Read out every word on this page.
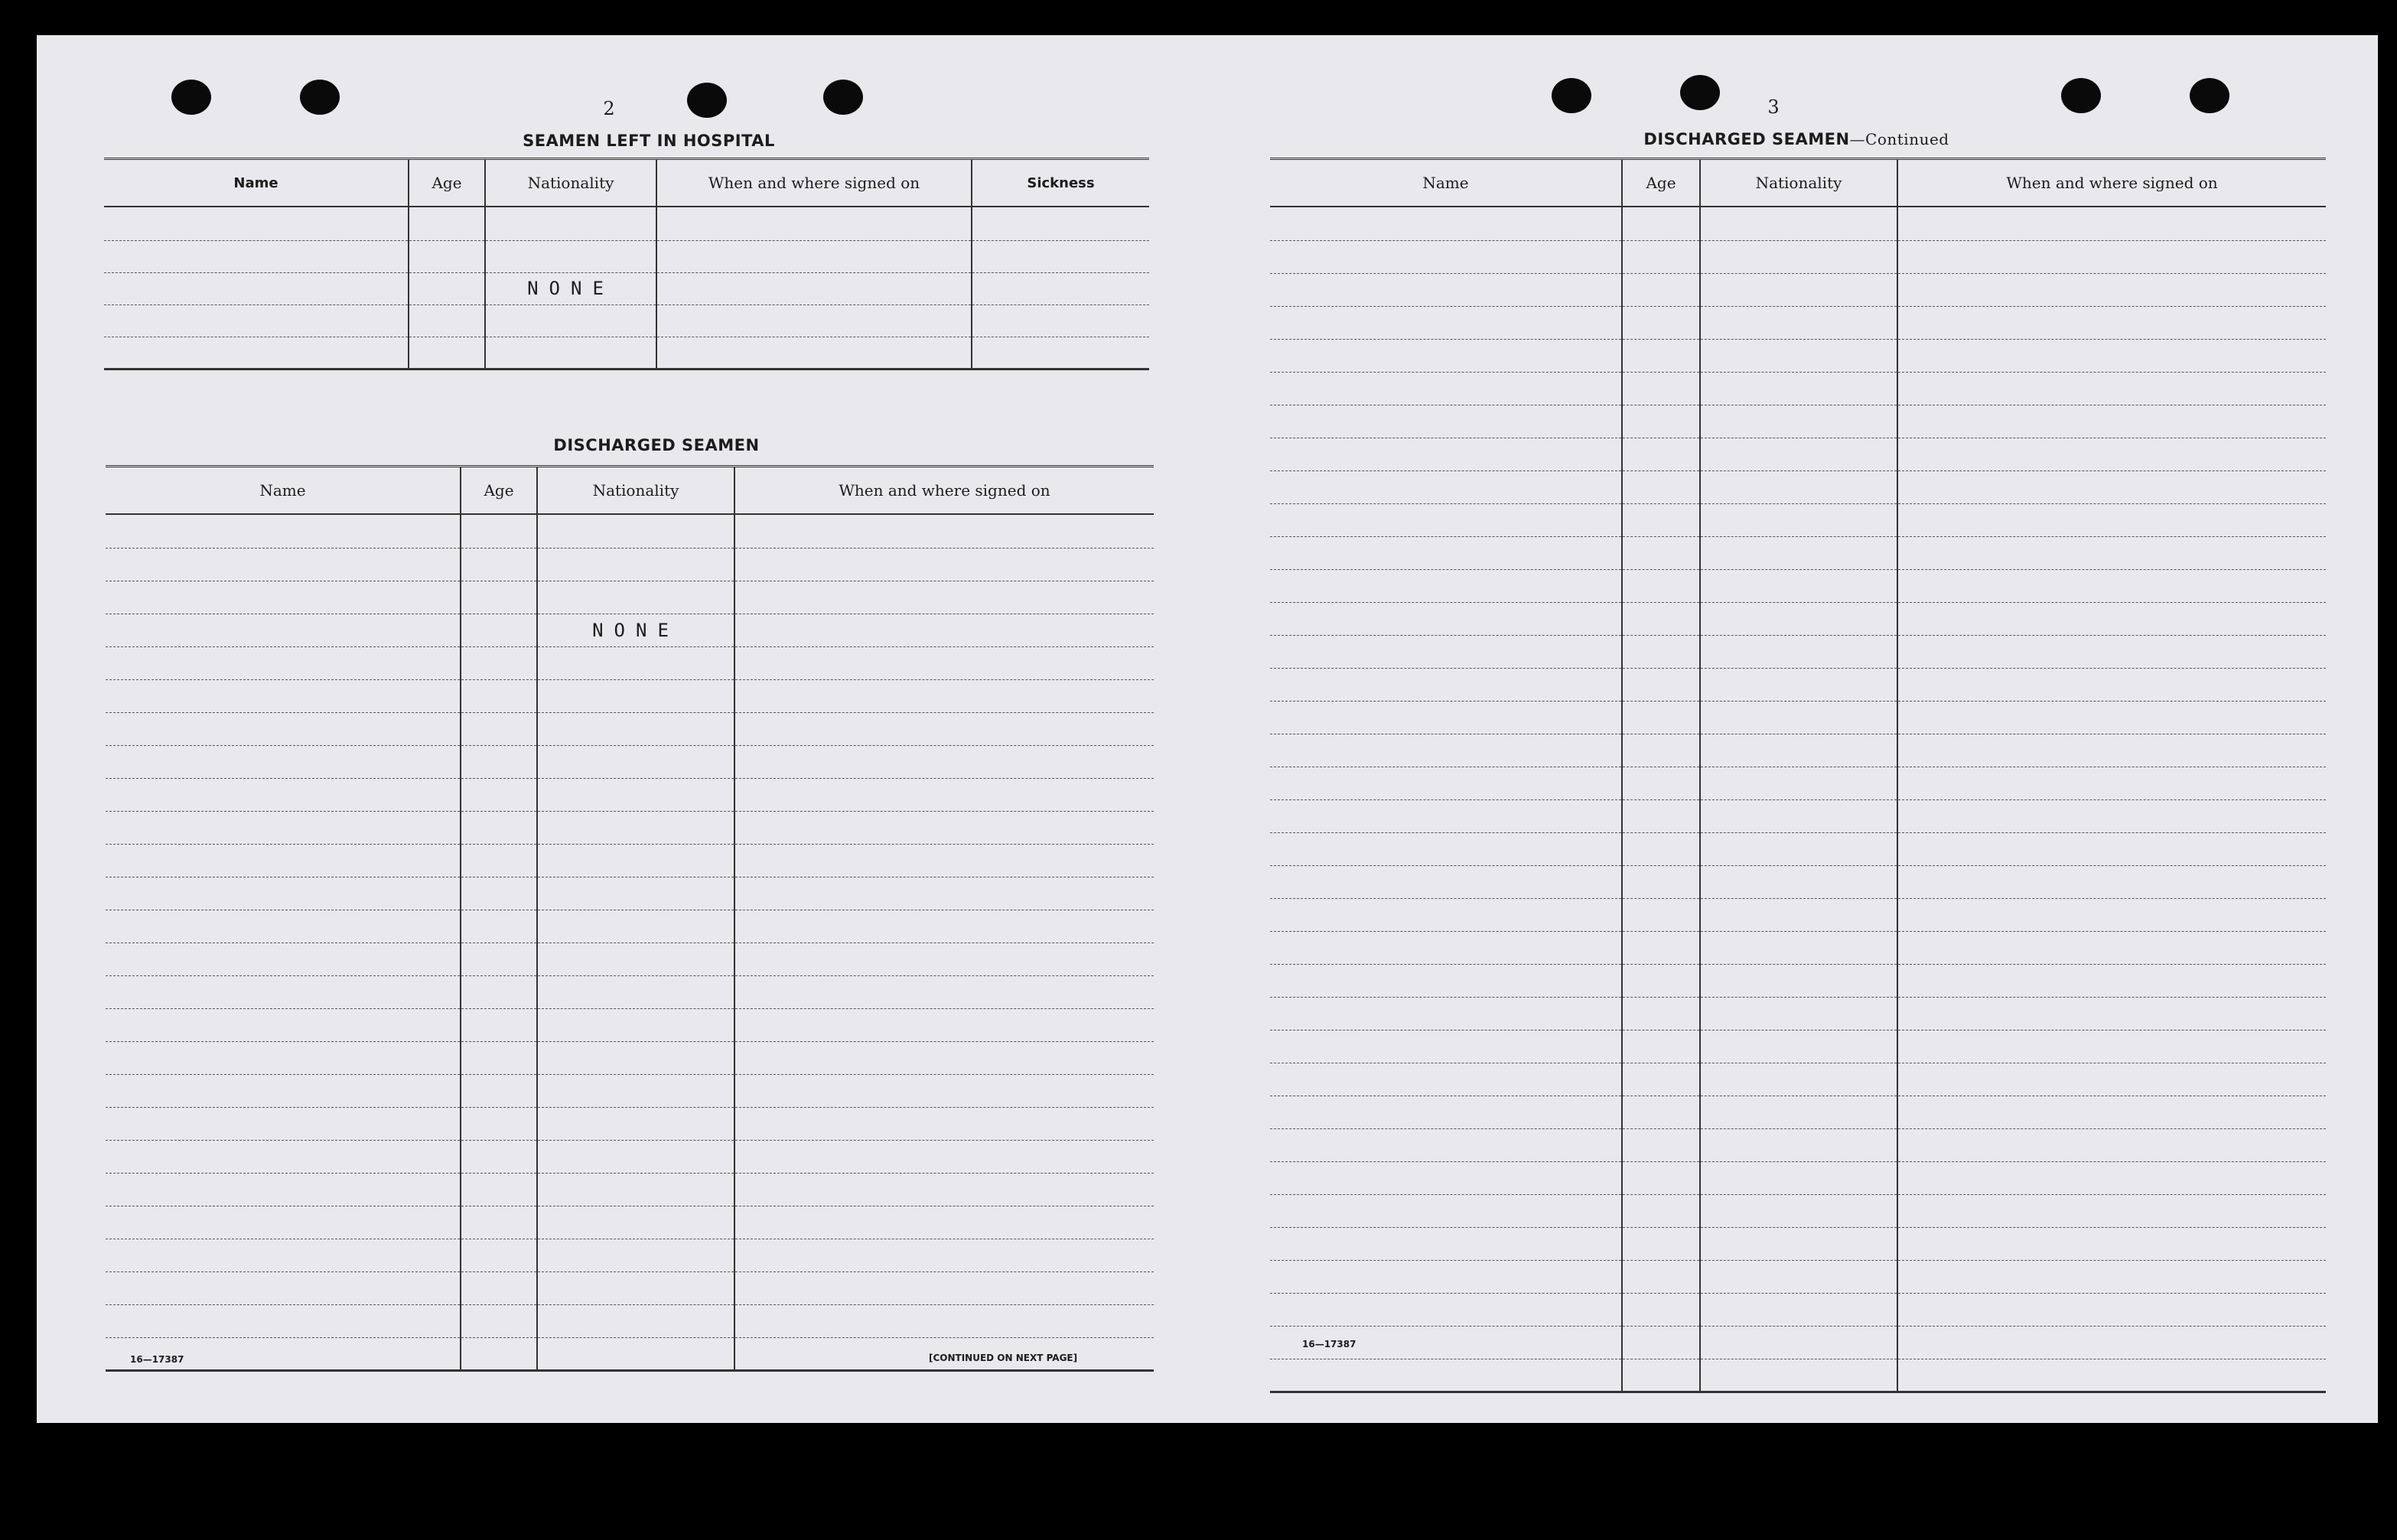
2
SEAMEN LEFT IN HOSPITAL
Name	Age	Nationality	When and where signed on	Sickness

		NONE		

DISCHARGED SEAMEN
Name	Age	Nationality	When and where signed on

		NONE	

16—17387	[CONTINUED ON NEXT PAGE]
3
DISCHARGED SEAMEN—Continued
Name	Age	Nationality	When and where signed on

16—17387
